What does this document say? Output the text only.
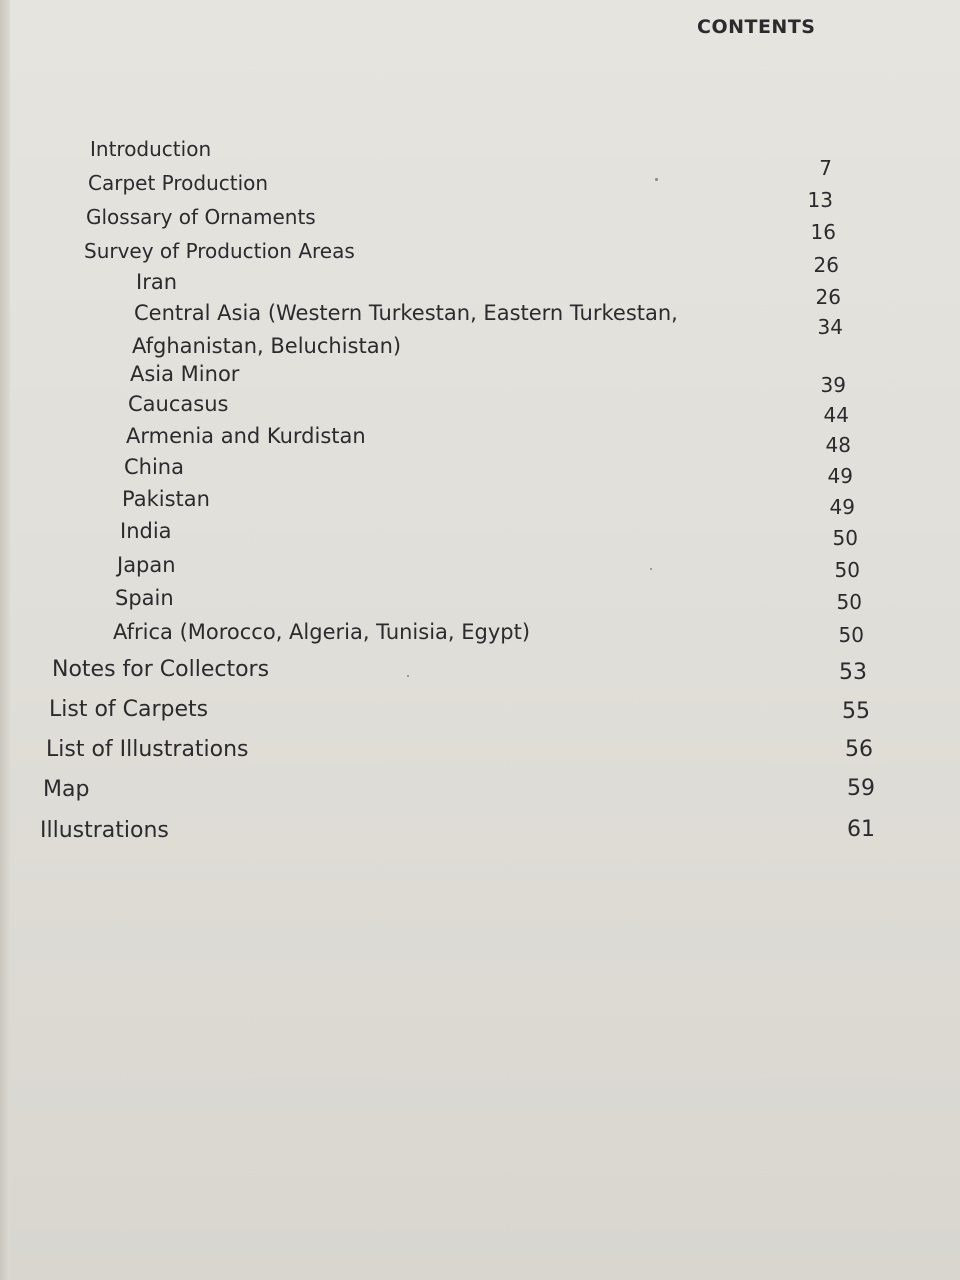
CONTENTS
Introduction
Carpet Production
Glossary of Ornaments
Survey of Production Areas
Iran
Central Asia (Western Turkestan, Eastern Turkestan,
Afghanistan, Beluchistan)
Asia Minor
Caucasus
Armenia and Kurdistan
China
Pakistan
India
Japan
Spain
Africa (Morocco, Algeria, Tunisia, Egypt)
Notes for Collectors
List of Carpets
List of Illustrations
Map
Illustrations
7
13
16
26
26
34
39
44
48
49
49
50
50
50
50
53
55
56
59
61
